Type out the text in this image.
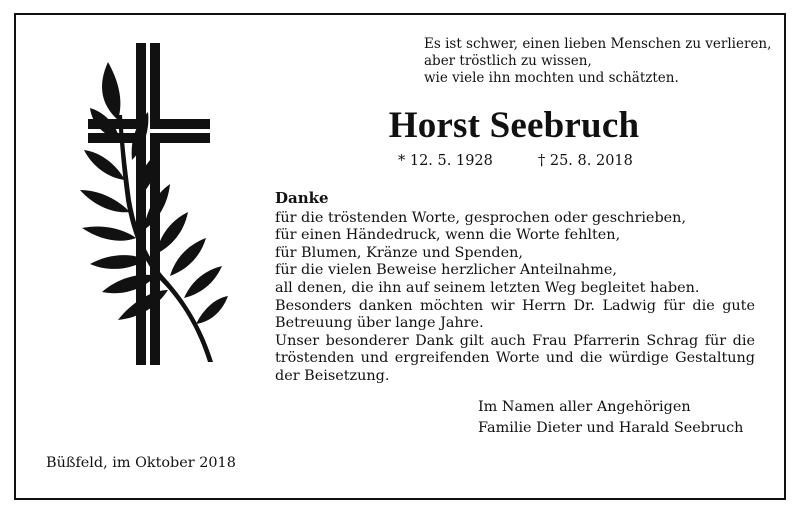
Es ist schwer, einen lieben Menschen zu verlieren,
aber tröstlich zu wissen,
wie viele ihn mochten und schätzten.
Horst Seebruch
* 12. 5. 1928	† 25. 8. 2018
Danke
für die tröstenden Worte, gesprochen oder geschrieben,
für einen Händedruck, wenn die Worte fehlten,
für Blumen, Kränze und Spenden,
für die vielen Beweise herzlicher Anteilnahme,
all denen, die ihn auf seinem letzten Weg begleitet haben.
Besonders danken möchten wir Herrn Dr. Ladwig für die gute Betreuung über lange Jahre.
Unser besonderer Dank gilt auch Frau Pfarrerin Schrag für die tröstenden und ergreifenden Worte und die würdige Gestaltung der Beisetzung.
Im Namen aller Angehörigen
Familie Dieter und Harald Seebruch
Büßfeld, im Oktober 2018
